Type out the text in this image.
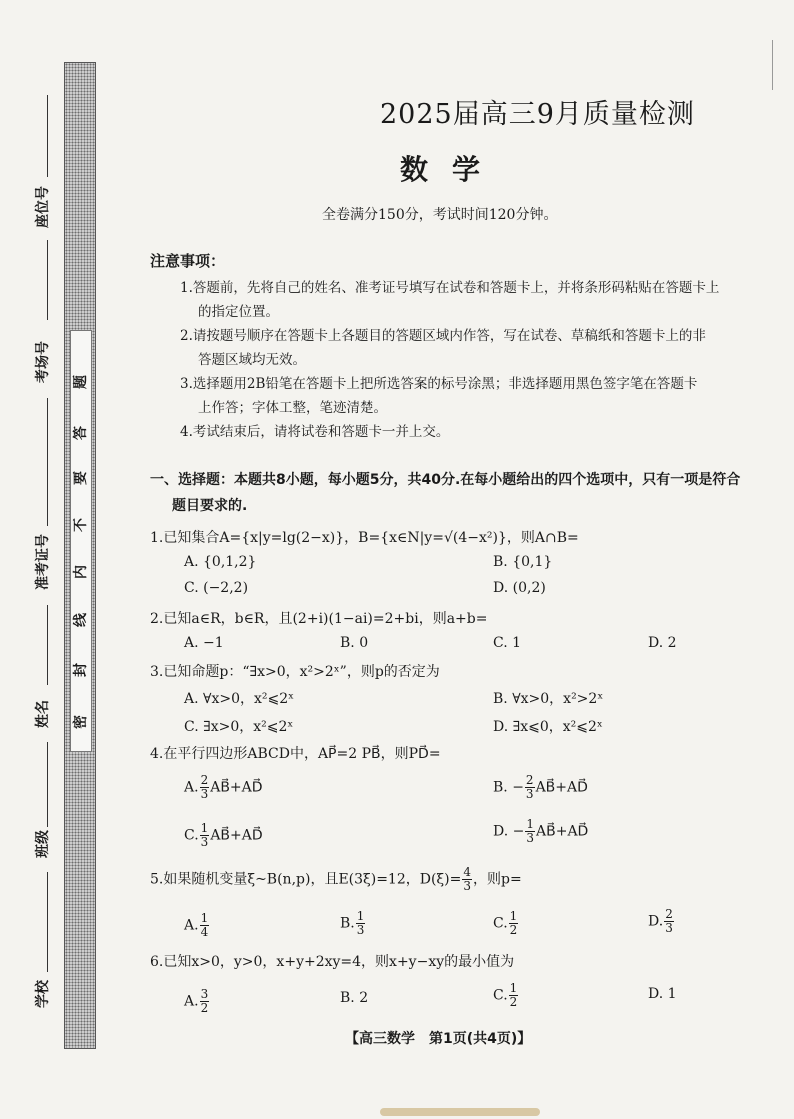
题
答
要
不
内
线
封
密
座位号
考场号
准考证号
姓名
班级
学校
2025届高三9月质量检测
数学
全卷满分150分，考试时间120分钟。
注意事项：
1.答题前，先将自己的姓名、准考证号填写在试卷和答题卡上，并将条形码粘贴在答题卡上
的指定位置。
2.请按题号顺序在答题卡上各题目的答题区域内作答，写在试卷、草稿纸和答题卡上的非
答题区域均无效。
3.选择题用2B铅笔在答题卡上把所选答案的标号涂黑；非选择题用黑色签字笔在答题卡
上作答；字体工整，笔迹清楚。
4.考试结束后，请将试卷和答题卡一并上交。
一、选择题：本题共8小题，每小题5分，共40分.在每小题给出的四个选项中，只有一项是符合
题目要求的.
1.已知集合A={x|y=lg(2−x)}，B={x∈N|y=√(4−x²)}，则A∩B=
A. {0,1,2}	B. {0,1}
C. (−2,2)	D. (0,2)
2.已知a∈R，b∈R，且(2+i)(1−ai)=2+bi，则a+b=
A. −1	B. 0	C. 1	D. 2
3.已知命题p：“∃x>0，x²>2ˣ”，则p的否定为
A. ∀x>0，x²⩽2ˣ	B. ∀x>0，x²>2ˣ
C. ∃x>0，x²⩽2ˣ	D. ∃x⩽0，x²⩽2ˣ
4.在平行四边形ABCD中，AP⃗=2 PB⃗，则PD⃗=
A. $\frac{2}{3}$ AB⃗+AD⃗	B. − $\frac{2}{3}$ AB⃗+AD⃗
C. $\frac{1}{3}$ AB⃗+AD⃗	D. − $\frac{1}{3}$ AB⃗+AD⃗
5.如果随机变量ξ~B(n,p)，且E(3ξ)=12，$D(\xi)= \frac{4}{3}$ ，则p=
A. $\frac{1}{4}$	B. $\frac{1}{3}$	C. $\frac{1}{2}$	D. $\frac{2}{3}$
6.已知x>0，y>0，x+y+2xy=4，则x+y−xy的最小值为
A. $\frac{3}{2}$	B. 2	C. $\frac{1}{2}$	D. 1
【高三数学　第1页(共4页)】
